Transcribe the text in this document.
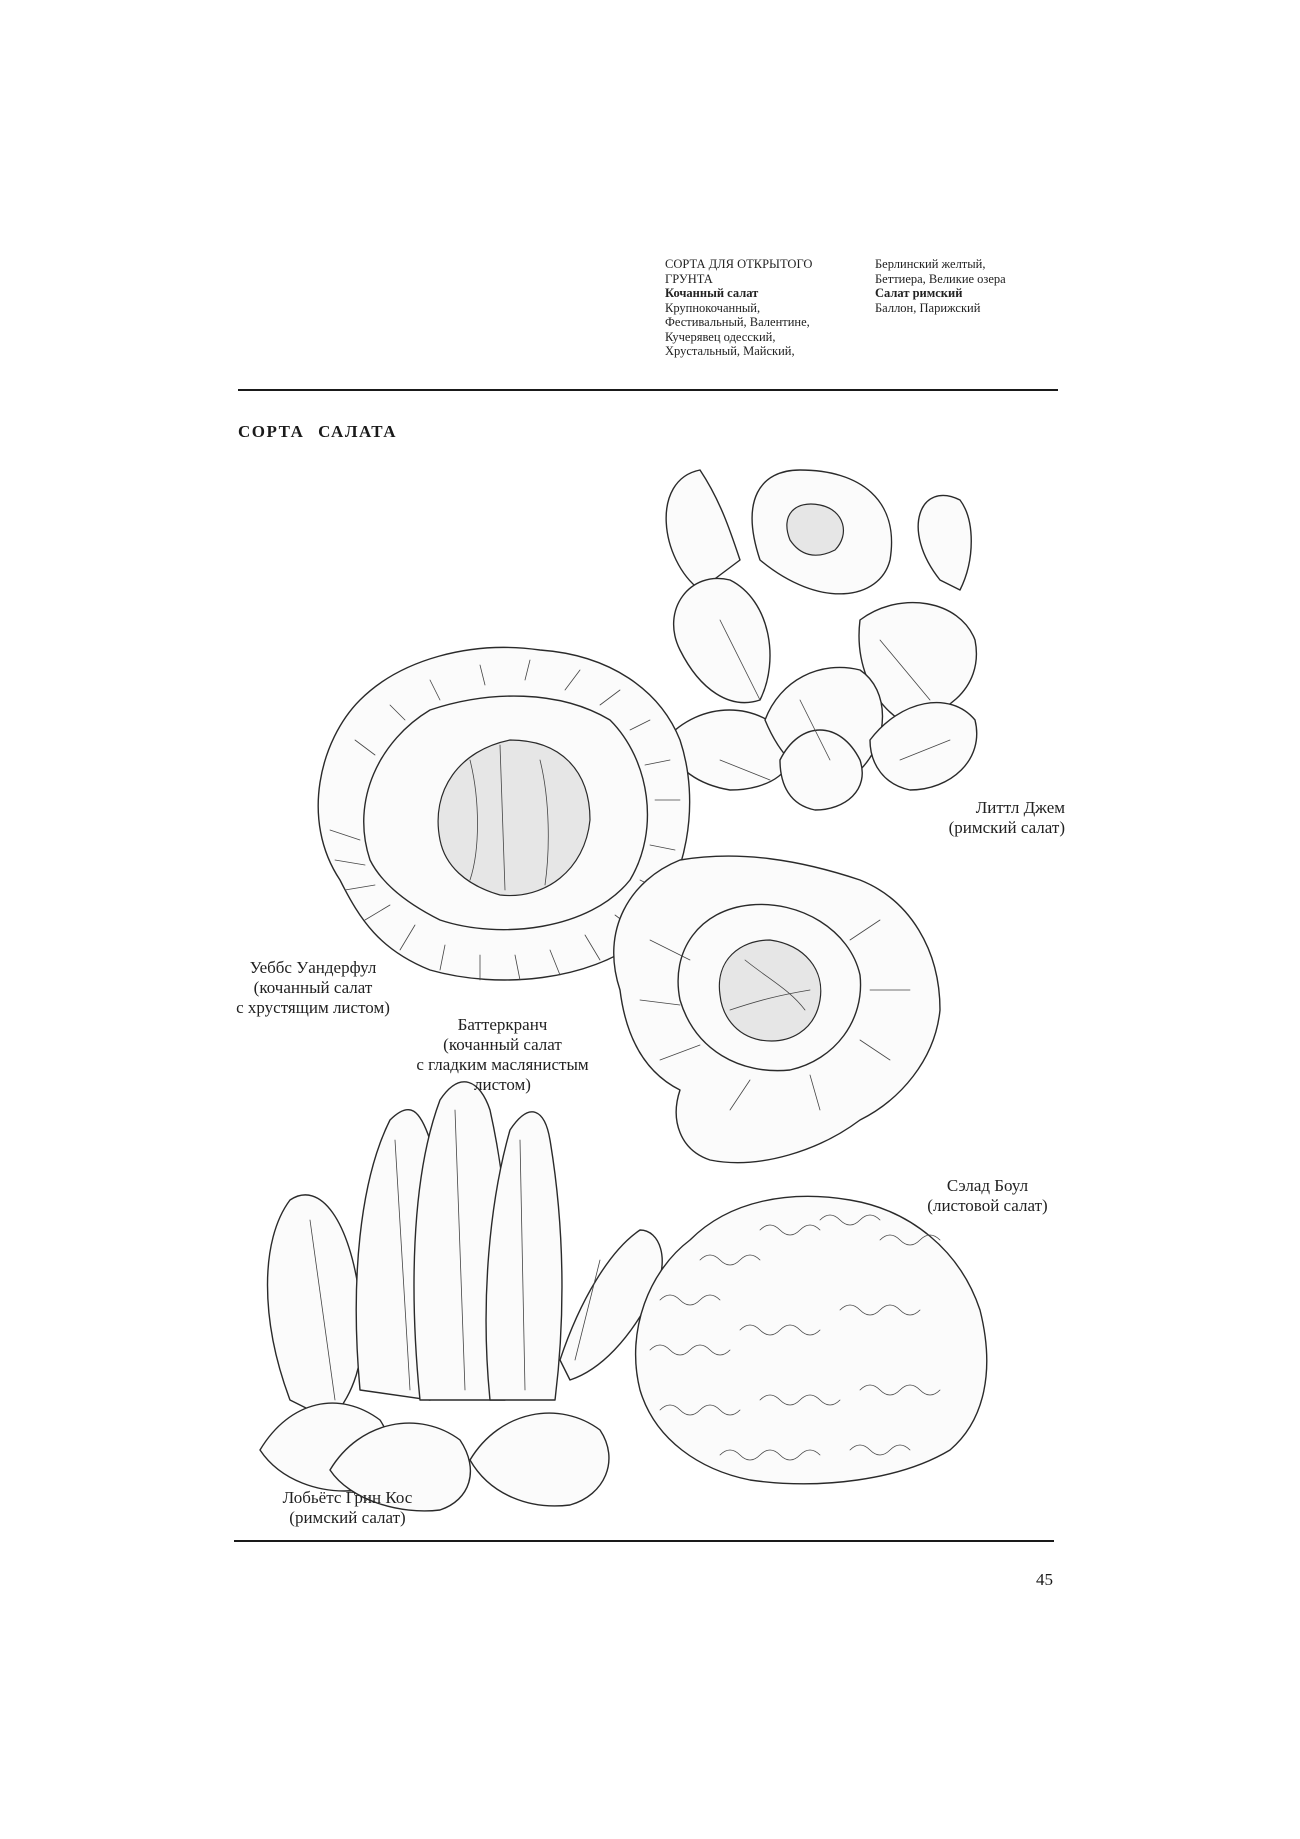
СОРТА ДЛЯ ОТКРЫТОГО
ГРУНТА
Кочанный салат
Крупнокочанный,
Фестивальный, Валентине,
Кучерявец одесский,
Хрустальный, Майский,
Берлинский желтый,
Беттиера, Великие озера
Салат римский
Баллон, Парижский
СОРТА САЛАТА
Литтл Джем
(римский салат)
Уеббс Уандерфул
(кочанный салат
с хрустящим листом)
Баттеркранч
(кочанный салат
с гладким маслянистым
листом)
Сэлад Боул
(листовой салат)
Лобьётс Грин Кос
(римский салат)
45
